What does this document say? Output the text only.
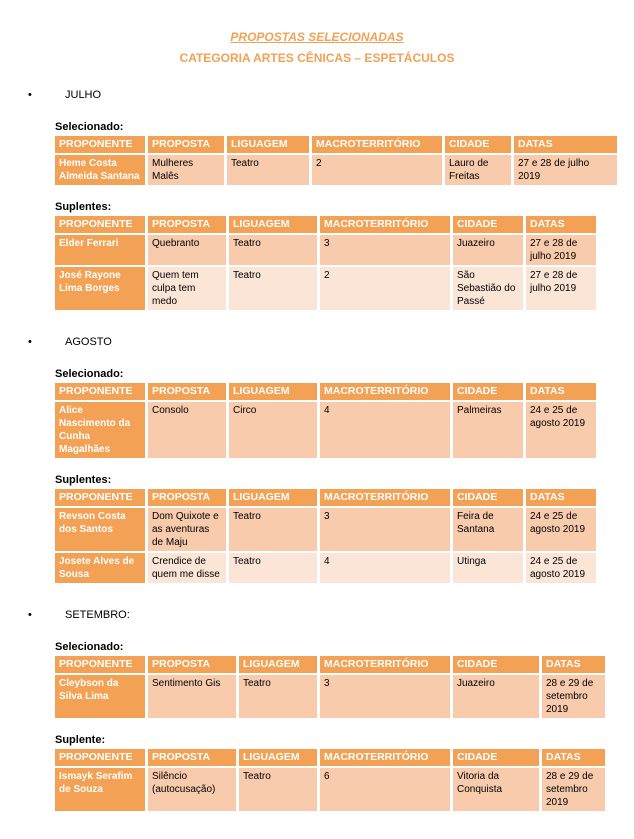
PROPOSTAS SELECIONADAS
CATEGORIA ARTES CÊNICAS – ESPETÁCULOS
•	JULHO
Selecionado:
PROPONENTE	PROPOSTA	LIGUAGEM	MACROTERRITÓRIO	CIDADE	DATAS
Heme Costa Almeida Santana	Mulheres Malês	Teatro	2	Lauro de Freitas	27 e 28 de julho 2019
Suplentes:
PROPONENTE	PROPOSTA	LIGUAGEM	MACROTERRITÓRIO	CIDADE	DATAS
Elder Ferrari	Quebranto	Teatro	3	Juazeiro	27 e 28 de julho 2019
José Rayone Lima Borges	Quem tem culpa tem medo	Teatro	2	São Sebastião do Passé	27 e 28 de julho 2019
•	AGOSTO
Selecionado:
PROPONENTE	PROPOSTA	LIGUAGEM	MACROTERRITÓRIO	CIDADE	DATAS
Alice Nascimento da Cunha Magalhães	Consolo	Circo	4	Palmeiras	24 e 25 de agosto 2019
Suplentes:
PROPONENTE	PROPOSTA	LIGUAGEM	MACROTERRITÓRIO	CIDADE	DATAS
Revson Costa dos Santos	Dom Quixote e as aventuras de Maju	Teatro	3	Feira de Santana	24 e 25 de agosto 2019
Josete Alves de Sousa	Crendice de quem me disse	Teatro	4	Utinga	24 e 25 de agosto 2019
•	SETEMBRO:
Selecionado:
PROPONENTE	PROPOSTA	LIGUAGEM	MACROTERRITÓRIO	CIDADE	DATAS
Cleybson da Silva Lima	Sentimento Gis	Teatro	3	Juazeiro	28 e 29 de setembro 2019
Suplente:
PROPONENTE	PROPOSTA	LIGUAGEM	MACROTERRITÓRIO	CIDADE	DATAS
Ismayk Serafim de Souza	Silêncio (autocusação)	Teatro	6	Vitoria da Conquista	28 e 29 de setembro 2019
